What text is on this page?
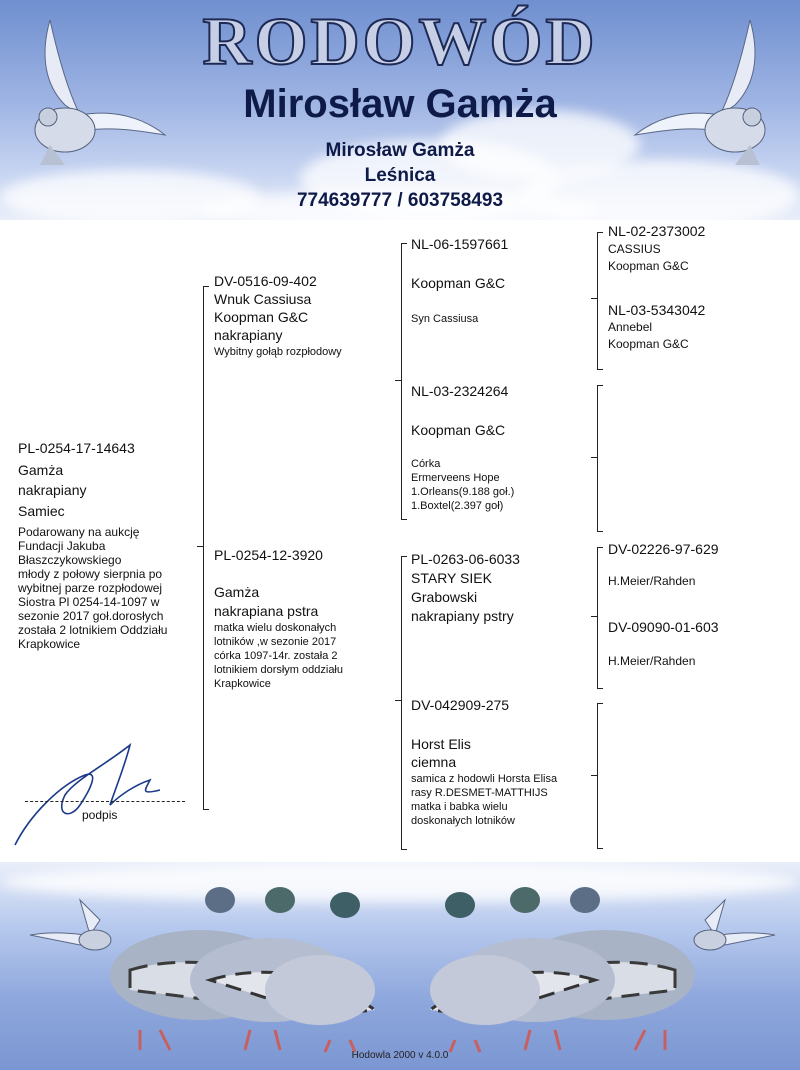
RODOWÓD
Mirosław Gamża
Mirosław Gamża
Leśnica
774639777 / 603758493
PL-0254-17-14643
Gamża
nakrapiany
Samiec
Podarowany na aukcję
Fundacji Jakuba
Błaszczykowskiego
młody z połowy sierpnia po
wybitnej parze rozpłodowej
Siostra Pl 0254-14-1097 w
sezonie 2017 goł.dorosłych
została 2 lotnikiem Oddziału
Krapkowice
podpis
DV-0516-09-402
Wnuk Cassiusa
Koopman G&C
nakrapiany
Wybitny gołąb rozpłodowy
PL-0254-12-3920
Gamża
nakrapiana pstra
matka wielu doskonałych
lotników ,w sezonie 2017
córka 1097-14r. została 2
lotnikiem dorsłym oddziału
Krapkowice
NL-06-1597661
Koopman G&C
Syn Cassiusa
NL-03-2324264
Koopman G&C
Córka
Ermerveens Hope
1.Orleans(9.188 goł.)
1.Boxtel(2.397 goł)
PL-0263-06-6033
STARY SIEK
Grabowski
nakrapiany pstry
DV-042909-275
Horst Elis
ciemna
samica z hodowli Horsta Elisa
rasy R.DESMET-MATTHIJS
matka i babka wielu
doskonałych lotników
NL-02-2373002
CASSIUS
Koopman G&C
NL-03-5343042
Annebel
Koopman G&C
DV-02226-97-629
H.Meier/Rahden
DV-09090-01-603
H.Meier/Rahden
Hodowla 2000 v 4.0.0
